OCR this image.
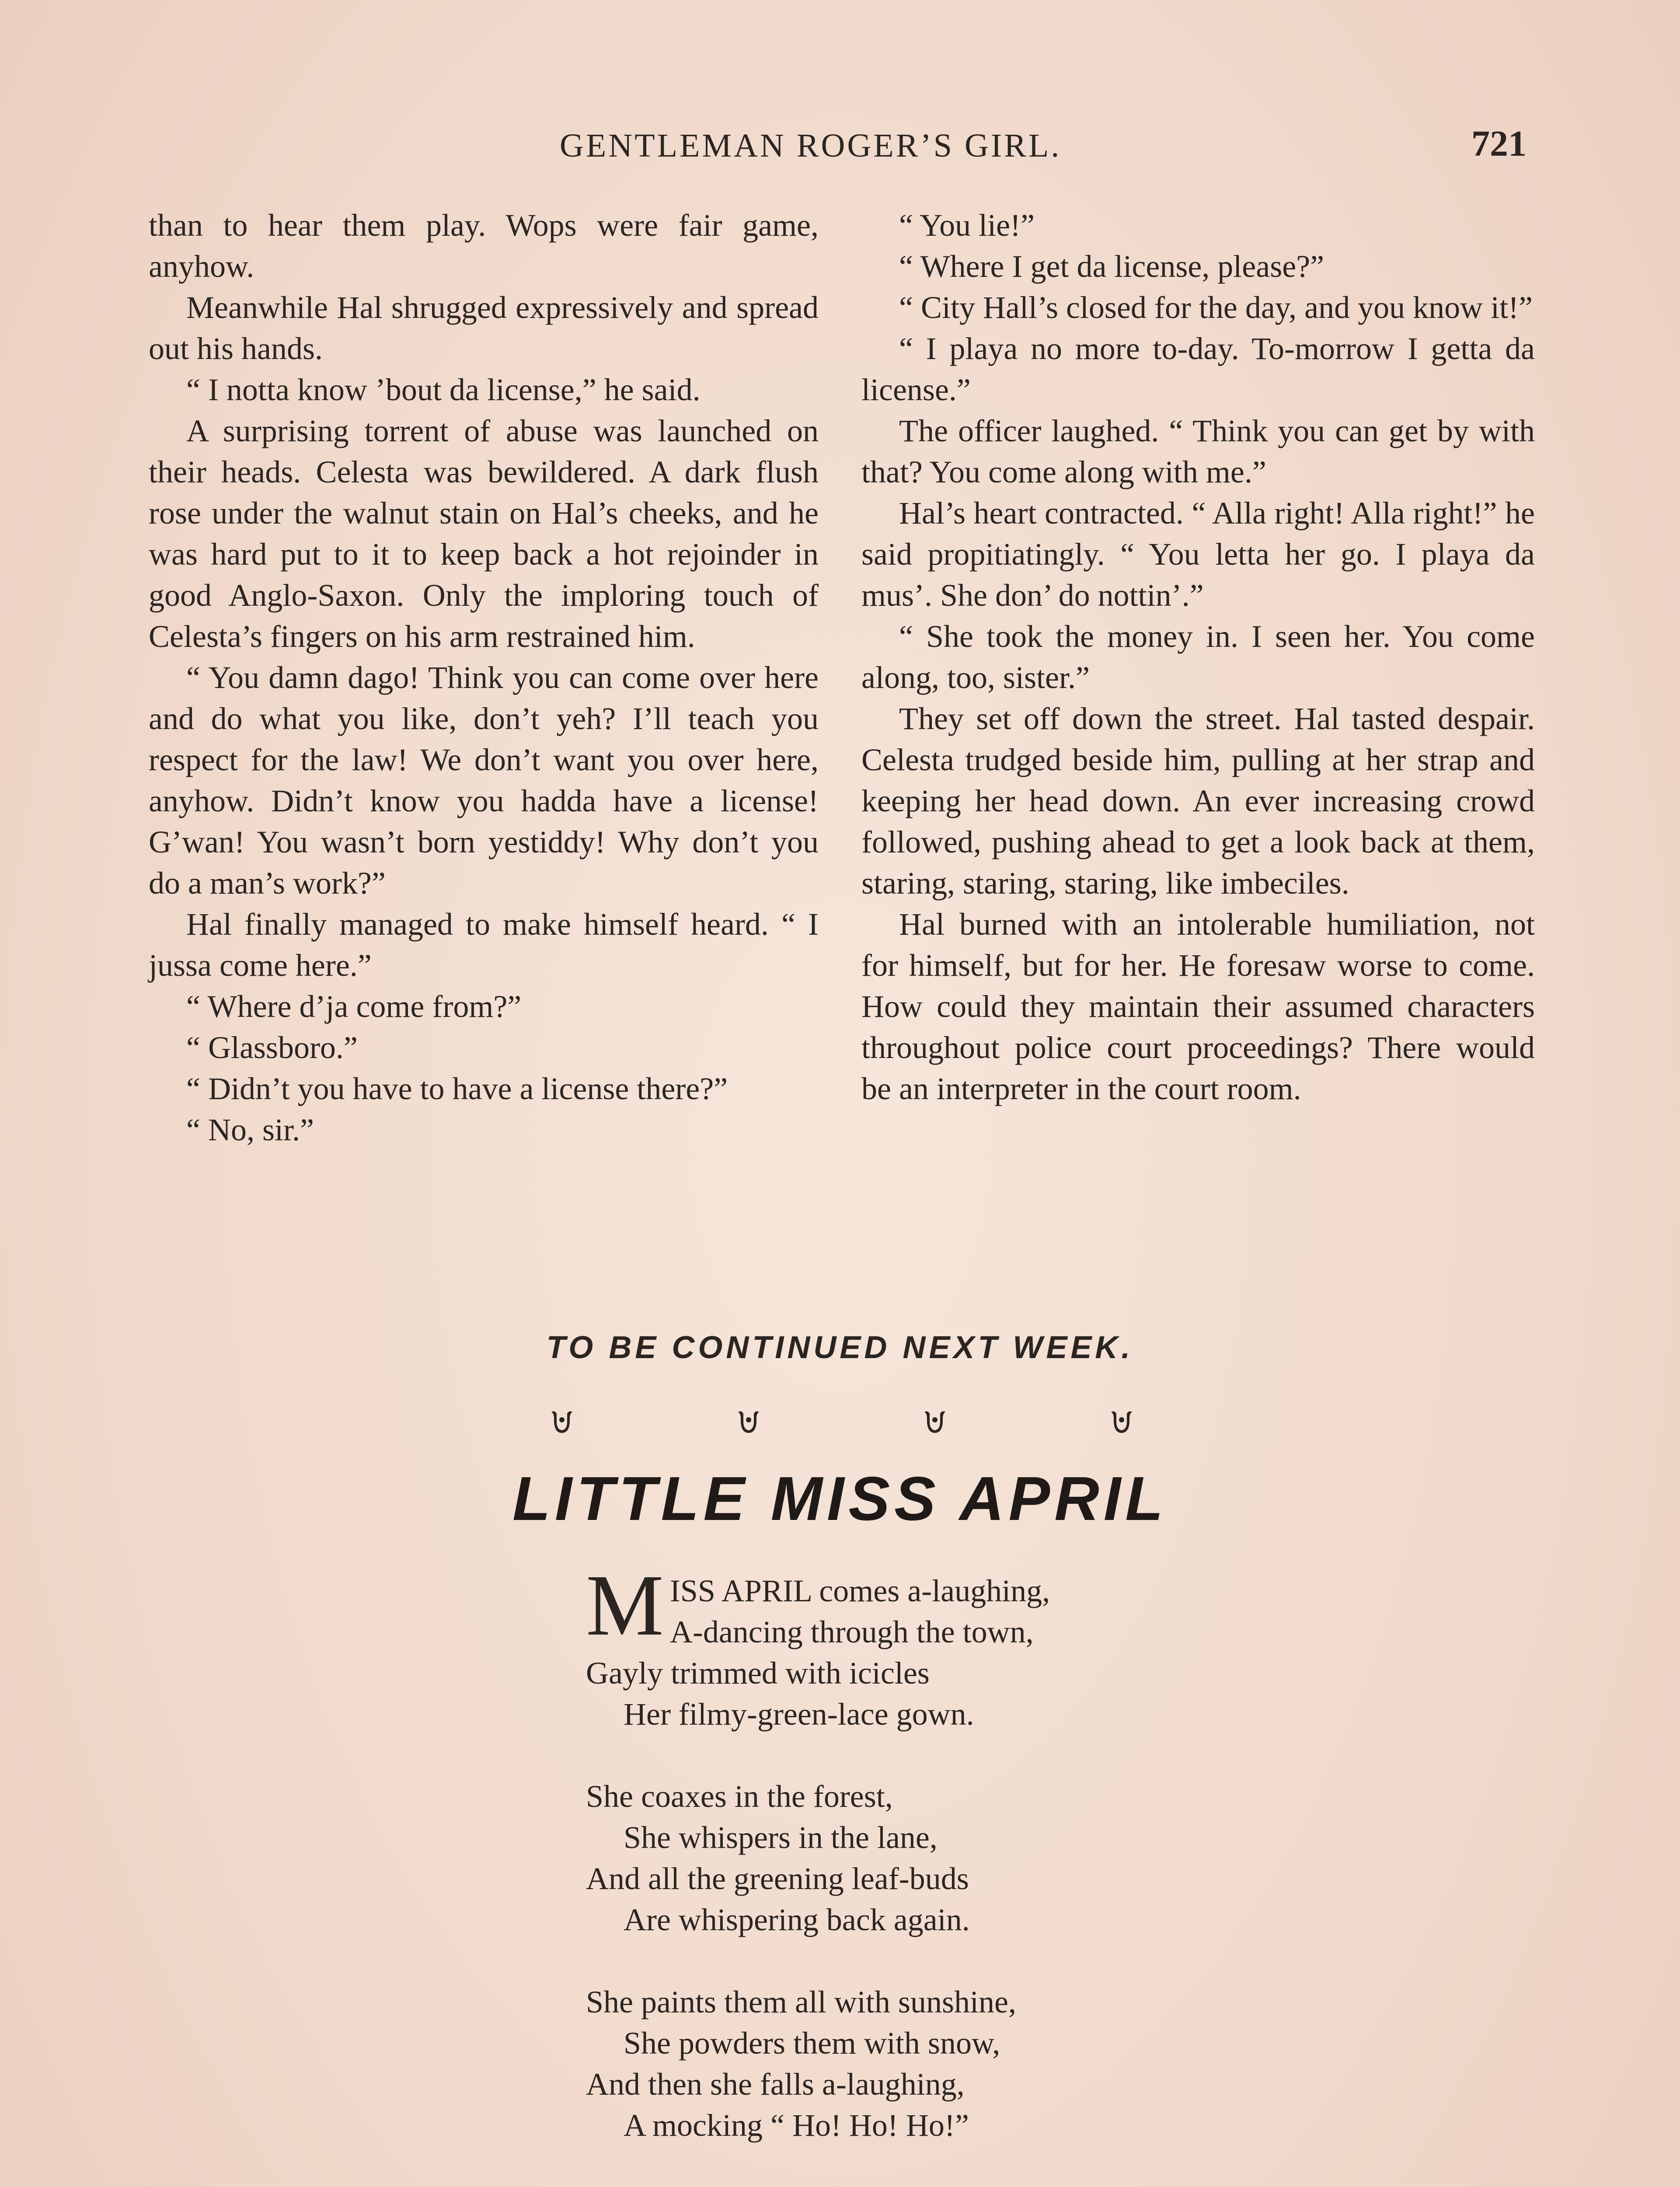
GENTLEMAN ROGER’S GIRL.	721

than to hear them play. Wops were fair game, anyhow.

Meanwhile Hal shrugged expressively and spread out his hands.

“ I notta know ’bout da license,” he said.

A surprising torrent of abuse was launched on their heads. Celesta was bewildered. A dark flush rose under the walnut stain on Hal’s cheeks, and he was hard put to it to keep back a hot rejoinder in good Anglo-Saxon. Only the imploring touch of Celesta’s fingers on his arm restrained him.

“ You damn dago! Think you can come over here and do what you like, don’t yeh? I’ll teach you respect for the law! We don’t want you over here, anyhow. Didn’t know you hadda have a license! G’wan! You wasn’t born yestiddy! Why don’t you do a man’s work?”

Hal finally managed to make himself heard. “ I jussa come here.”

“ Where d’ja come from?”

“ Glassboro.”

“ Didn’t you have to have a license there?”

“ No, sir.”

“ You lie!”

“ Where I get da license, please?”

“ City Hall’s closed for the day, and you know it!”

“ I playa no more to-day. To-morrow I getta da license.”

The officer laughed. “ Think you can get by with that? You come along with me.”

Hal’s heart contracted. “ Alla right! Alla right!” he said propitiatingly. “ You letta her go. I playa da mus’. She don’ do nottin’.”

“ She took the money in. I seen her. You come along, too, sister.”

They set off down the street. Hal tasted despair. Celesta trudged beside him, pulling at her strap and keeping her head down. An ever increasing crowd followed, pushing ahead to get a look back at them, staring, staring, staring, like imbeciles.

Hal burned with an intolerable humiliation, not for himself, but for her. He foresaw worse to come. How could they maintain their assumed characters throughout police court proceedings? There would be an interpreter in the court room.

TO BE CONTINUED NEXT WEEK.
LITTLE MISS APRIL
M ISS APRIL comes a-laughing,
A-dancing through the town,
Gayly trimmed with icicles
Her filmy-green-lace gown.
She coaxes in the forest,
She whispers in the lane,
And all the greening leaf-buds
Are whispering back again.
She paints them all with sunshine,
She powders them with snow,
And then she falls a-laughing,
A mocking “ Ho! Ho! Ho!”
